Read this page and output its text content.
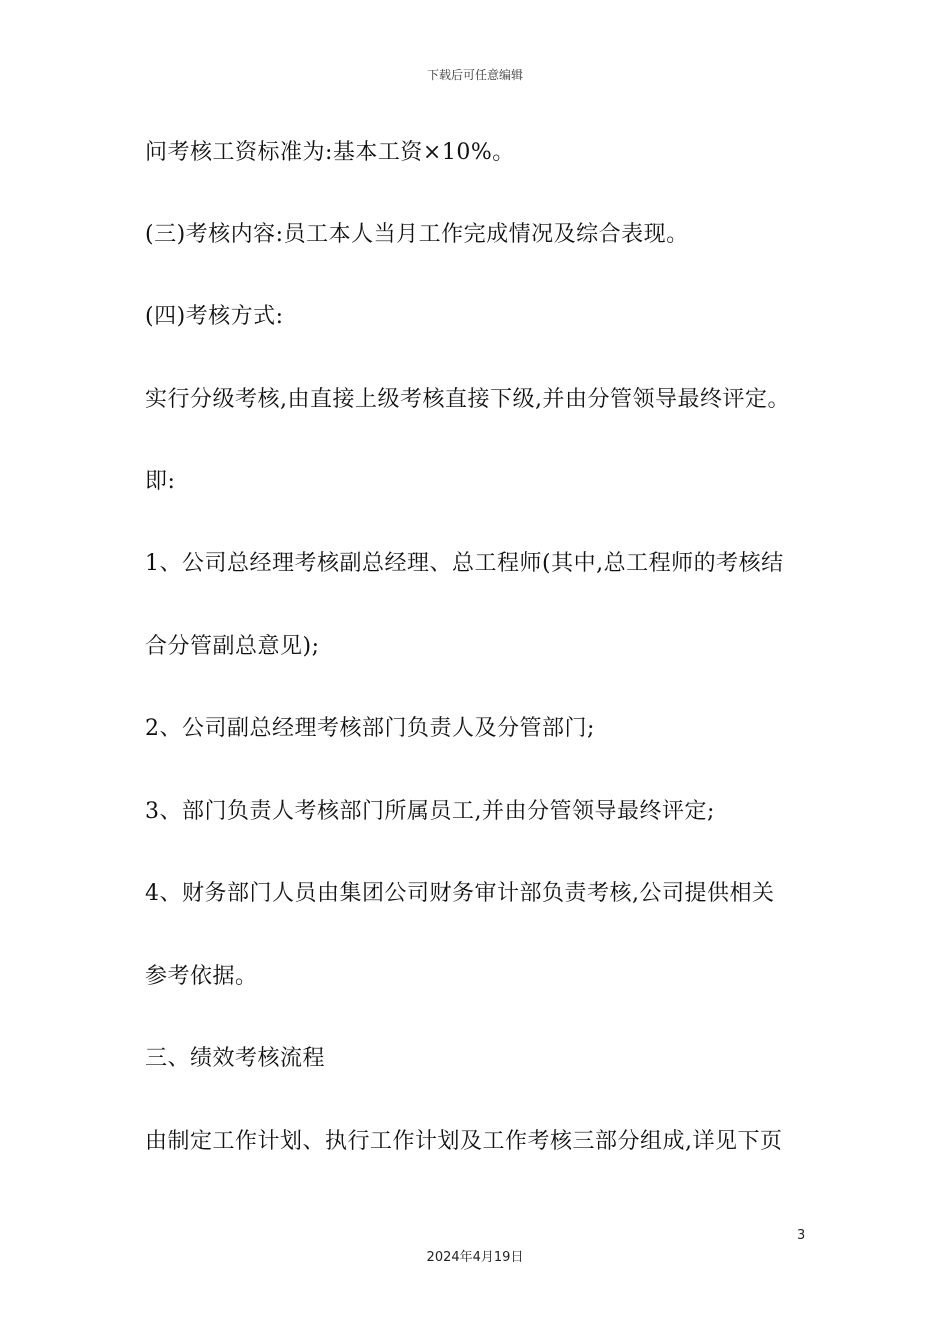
下载后可任意编辑
问考核工资标准为:基本工资×10%。
(三)考核内容:员工本人当月工作完成情况及综合表现。
(四)考核方式:
实行分级考核,由直接上级考核直接下级,并由分管领导最终评定。
即:
1、公司总经理考核副总经理、总工程师(其中,总工程师的考核结
合分管副总意见);
2、公司副总经理考核部门负责人及分管部门;
3、部门负责人考核部门所属员工,并由分管领导最终评定;
4、财务部门人员由集团公司财务审计部负责考核,公司提供相关
参考依据。
三、绩效考核流程
由制定工作计划、执行工作计划及工作考核三部分组成,详见下页
3
2024年4月19日
